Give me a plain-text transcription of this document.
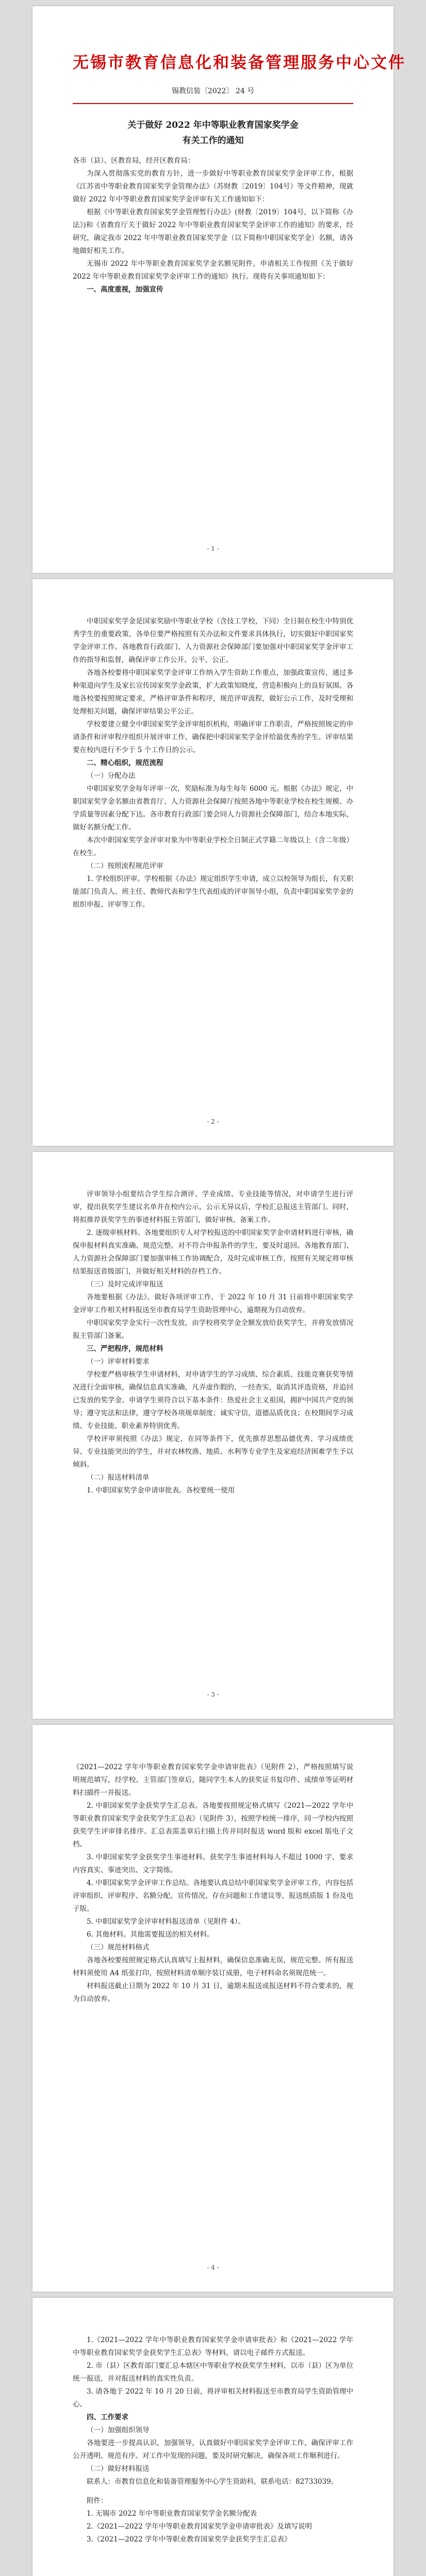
无锡市教育信息化和装备管理服务中心文件
锡教信装〔2022〕 24 号
关于做好 2022 年中等职业教育国家奖学金
有关工作的通知

各市（县）、区教育局，经开区教育局：

为深入贯彻落实党的教育方针，进一步做好中等职业教育国家奖学金评审工作，根据《江苏省中等职业教育国家奖学金管理办法》（苏财教〔2019〕104号）等文件精神，现就做好 2022 年中等职业教育国家奖学金评审有关工作通知如下：

根据《中等职业教育国家奖学金管理暂行办法》(财教〔2019〕104号，以下简称《办法》)和《省教育厅关于做好 2022 年中等职业教育国家奖学金评审工作的通知》的要求，经研究，确定我市 2022 年中等职业教育国家奖学金（以下简称中职国家奖学金）名额，请各地做好相关工作。

无锡市 2022 年中等职业教育国家奖学金名额见附件，申请相关工作按照《关于做好 2022 年中等职业教育国家奖学金评审工作的通知》执行。现将有关事项通知如下：

一、高度重视，加强宣传

- 1 -

中职国家奖学金是国家奖励中等职业学校（含技工学校，下同）全日制在校生中特别优秀学生的重要政策，各单位要严格按照有关办法和文件要求具体执行，切实做好中职国家奖学金评审工作。各地教育行政部门、人力资源社会保障部门要加强对中职国家奖学金评审工作的指导和监督，确保评审工作公开、公平、公正。

各地各校要将中职国家奖学金评审工作纳入学生资助工作重点，加强政策宣传，通过多种渠道向学生及家长宣传国家奖学金政策，扩大政策知晓度，营造积极向上的良好氛围。各地各校要按照规定要求，严格评审条件和程序，规范评审流程，做好公示工作，及时受理和处理相关问题，确保评审结果公平公正。

学校要建立健全中职国家奖学金评审组织机构，明确评审工作职责，严格按照规定的申请条件和评审程序组织开展评审工作，确保把中职国家奖学金评给最优秀的学生。评审结果要在校内进行不少于 5 个工作日的公示。

二、精心组织，规范流程

（一）分配办法

中职国家奖学金每年评审一次，奖励标准为每生每年 6000 元。根据《办法》规定，中职国家奖学金名额由省教育厅、人力资源社会保障厅按照各地中等职业学校在校生规模、办学质量等因素分配下达。各市教育行政部门要会同人力资源社会保障部门，结合本地实际，做好名额分配工作。

本次中职国家奖学金评审对象为中等职业学校全日制正式学籍二年级以上（含二年级）在校生。

（二）按照流程规范评审

1. 学校组织评审。学校根据《办法》规定组织学生申请，成立以校领导为组长，有关职能部门负责人、班主任、教师代表和学生代表组成的评审领导小组，负责中职国家奖学金的组织申报、评审等工作。

- 2 -

评审领导小组要结合学生综合测评、学业成绩、专业技能等情况，对申请学生进行评审，提出获奖学生建议名单并在校内公示，公示无异议后，学校汇总报送主管部门。同时，将拟推荐获奖学生的事迹材料报主管部门，做好审核、备案工作。

2. 逐级审核材料。各地要组织专人对学校报送的中职国家奖学金申请材料进行审核，确保申报材料真实准确、规范完整。对不符合申报条件的学生，要及时退回。各地教育部门、人力资源社会保障部门要加强审核工作协调配合，及时完成审核工作，按照有关规定将审核结果报送省级部门，并做好相关材料的存档工作。

（三）及时完成评审报送

各地要根据《办法》，做好各项评审工作，于 2022 年 10 月 31 日前将中职国家奖学金评审工作相关材料报送至市教育局学生资助管理中心，逾期视为自动放弃。

中职国家奖学金实行一次性发放，由学校将奖学金全额发放给获奖学生，并将发放情况报主管部门备案。

三、严把程序，规范材料

（一）评审材料要求

学校要严格审核学生申请材料，对申请学生的学习成绩、综合素质、技能竞赛获奖等情况进行全面审核，确保信息真实准确，凡弄虚作假的，一经查实，取消其评选资格，并追回已发放的奖学金。申请学生须符合以下基本条件：热爱社会主义祖国，拥护中国共产党的领导；遵守宪法和法律，遵守学校各项规章制度；诚实守信，道德品质优良；在校期间学习成绩、专业技能、职业素养特别优秀。

学校评审须按照《办法》规定，在同等条件下，优先推荐思想品德优秀、学习成绩优异、专业技能突出的学生，并对农林牧渔、地质、水利等专业学生及家庭经济困难学生予以倾斜。

（二）报送材料清单

1. 中职国家奖学金申请审批表。各校要统一使用

- 3 -

《2021—2022 学年中等职业教育国家奖学金申请审批表》（见附件 2），严格按照填写说明规范填写，经学校、主管部门签章后，随同学生本人的获奖证书复印件、成绩单等证明材料扫描件一并报送。

2. 中职国家奖学金获奖学生汇总表。各地要按照规定格式填写《2021—2022 学年中等职业教育国家奖学金获奖学生汇总表》（见附件 3），按照学校统一排序，同一学校内按照获奖学生评审排名排序。汇总表需盖章后扫描上传并同时报送 word 版和 excel 版电子文档。

3. 中职国家奖学金获奖学生事迹材料。获奖学生事迹材料每人不超过 1000 字，要求内容真实、事迹突出、文字简练。

4. 中职国家奖学金评审工作总结。各地要认真总结中职国家奖学金评审工作，内容包括评审组织、评审程序、名额分配、宣传情况、存在问题和工作建议等，报送纸质版 1 份及电子版。

5. 中职国家奖学金评审材料报送清单（见附件 4）。

6. 其他材料。其他需要报送的相关材料。

（三）规范材料格式

各地各校要按照规定格式认真填写上报材料，确保信息准确无误，规范完整。所有报送材料须使用 A4 纸张打印，按照材料清单顺序装订成册，电子材料命名须规范统一。

材料报送截止日期为 2022 年 10 月 31 日，逾期未报送或报送材料不符合要求的，视为自动放弃。

- 4 -

1.《2021—2022 学年中等职业教育国家奖学金申请审批表》和《2021—2022 学年中等职业教育国家奖学金获奖学生汇总表》等材料，请以电子邮件方式报送。

2. 市（县）区教育部门要汇总本辖区中等职业学校获奖学生材料，以市（县）区为单位统一报送，并对报送材料的真实性负责。

3. 请各地于 2022 年 10 月 20 日前，将评审相关材料报送至市教育局学生资助管理中心。

四、工作要求

（一）加强组织领导

各地要进一步提高认识，加强领导，认真做好中职国家奖学金评审工作，确保评审工作公开透明、规范有序。对工作中发现的问题，要及时研究解决，确保各项工作顺利进行。

（二）做好材料报送

联系人：市教育信息化和装备管理服务中心学生资助科，联系电话：82733039。

附件：

1. 无锡市 2022 年中等职业教育国家奖学金名额分配表

2.《2021—2022 学年中等职业教育国家奖学金申请审批表》及填写说明

3.《2021—2022 学年中等职业教育国家奖学金获奖学生汇总表》
